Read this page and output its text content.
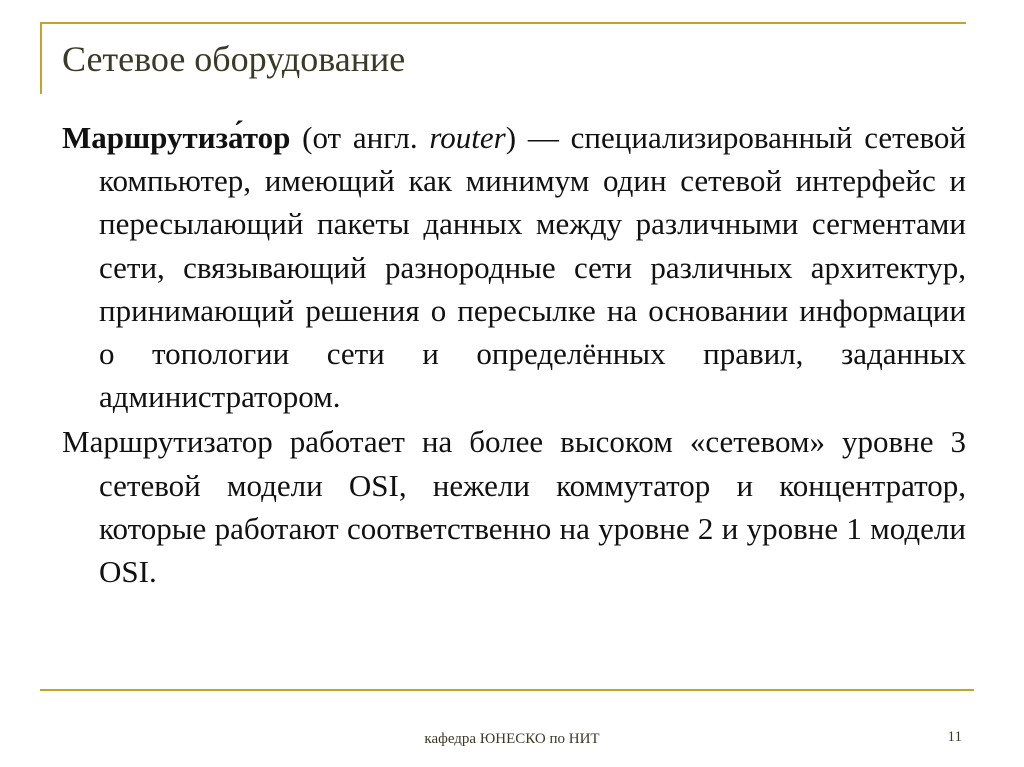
Сетевое оборудование

Маршрутиза́тор (от англ. router) — специализированный сетевой компьютер, имеющий как минимум один сетевой интерфейс и пересылающий пакеты данных между различными сегментами сети, связывающий разнородные сети различных архитектур, принимающий решения о пересылке на основании информации о топологии сети и определённых правил, заданных администратором.

Маршрутизатор работает на более высоком «сетевом» уровне 3 сетевой модели OSI, нежели коммутатор и концентратор, которые работают соответственно на уровне 2 и уровне 1 модели OSI.

кафедра ЮНЕСКО по НИТ	11
